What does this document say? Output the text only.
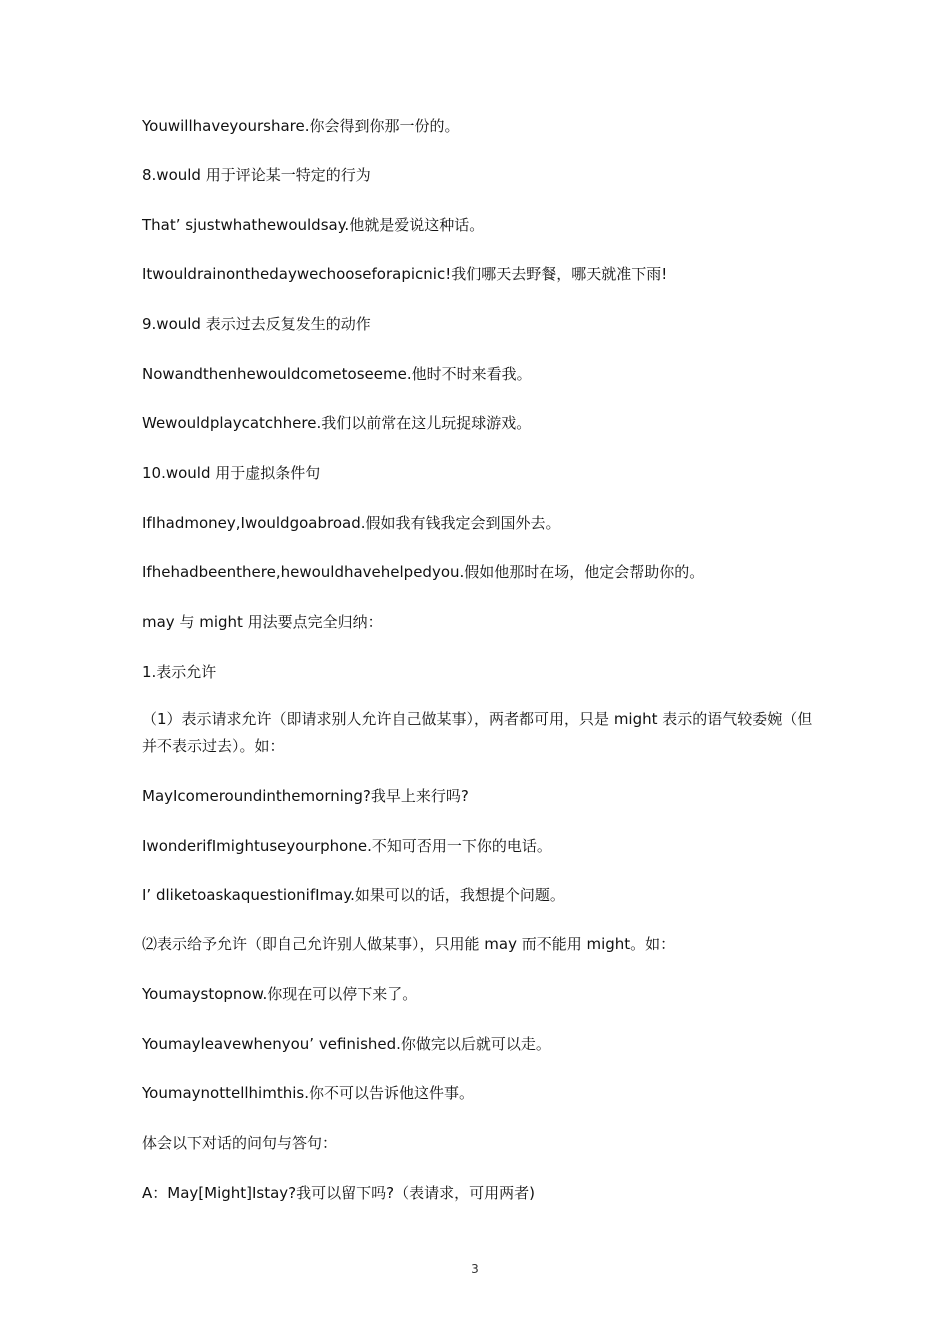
Youwillhaveyourshare.你会得到你那一份的。
8.would 用于评论某一特定的行为
That’ sjustwhathewouldsay.他就是爱说这种话。
Itwouldrainonthedaywechooseforapicnic!我们哪天去野餐，哪天就准下雨!
9.would 表示过去反复发生的动作
Nowandthenhewouldcometoseeme.他时不时来看我。
Wewouldplaycatchhere.我们以前常在这儿玩捉球游戏。
10.would 用于虚拟条件句
IfIhadmoney,Iwouldgoabroad.假如我有钱我定会到国外去。
Ifhehadbeenthere,hewouldhavehelpedyou.假如他那时在场，他定会帮助你的。
may 与 might 用法要点完全归纳：
1.表示允许
（1）表示请求允许（即请求别人允许自己做某事），两者都可用，只是 might 表示的语气较委婉（但并不表示过去）。如：
MayIcomeroundinthemorning?我早上来行吗?
IwonderifImightuseyourphone.不知可否用一下你的电话。
I’ dliketoaskaquestionifImay.如果可以的话，我想提个问题。
⑵表示给予允许（即自己允许别人做某事），只用能 may 而不能用 might。如：
Youmaystopnow.你现在可以停下来了。
Youmayleavewhenyou’ vefinished.你做完以后就可以走。
Youmaynottellhimthis.你不可以告诉他这件事。
体会以下对话的问句与答句：
A：May[Might]Istay?我可以留下吗?（表请求，可用两者)
3
